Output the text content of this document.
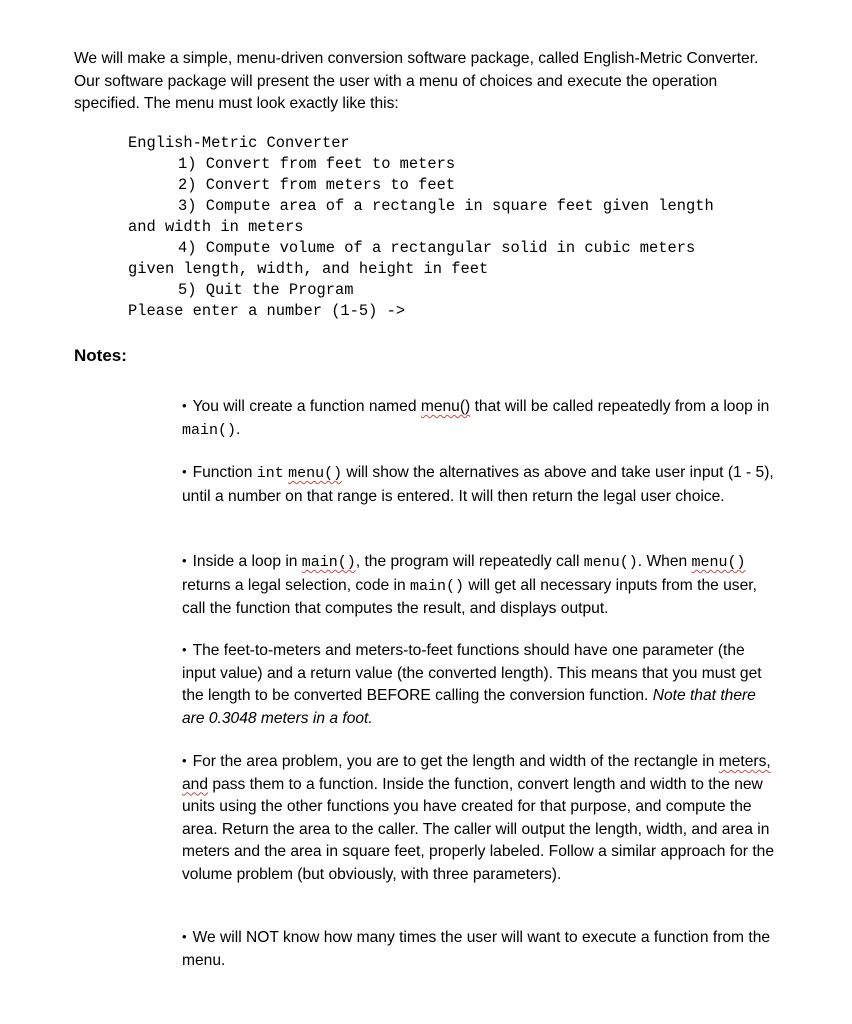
We will make a simple, menu-driven conversion software package, called English-Metric Converter. Our software package will present the user with a menu of choices and execute the operation specified. The menu must look exactly like this:

English-Metric Converter
1) Convert from feet to meters
2) Convert from meters to feet
3) Compute area of a rectangle in square feet given length
and width in meters
4) Compute volume of a rectangular solid in cubic meters
given length, width, and height in feet
5) Quit the Program
Please enter a number (1-5) ->

Notes:

• You will create a function named menu() that will be called repeatedly from a loop in main().

• Function int menu() will show the alternatives as above and take user input (1 - 5), until a number on that range is entered. It will then return the legal user choice.

• Inside a loop in main(), the program will repeatedly call menu(). When menu() returns a legal selection, code in main() will get all necessary inputs from the user, call the function that computes the result, and displays output.

• The feet-to-meters and meters-to-feet functions should have one parameter (the input value) and a return value (the converted length). This means that you must get the length to be converted BEFORE calling the conversion function. Note that there are 0.3048 meters in a foot.

• For the area problem, you are to get the length and width of the rectangle in meters, and pass them to a function. Inside the function, convert length and width to the new units using the other functions you have created for that purpose, and compute the area. Return the area to the caller. The caller will output the length, width, and area in meters and the area in square feet, properly labeled. Follow a similar approach for the volume problem (but obviously, with three parameters).

• We will NOT know how many times the user will want to execute a function from the menu.
